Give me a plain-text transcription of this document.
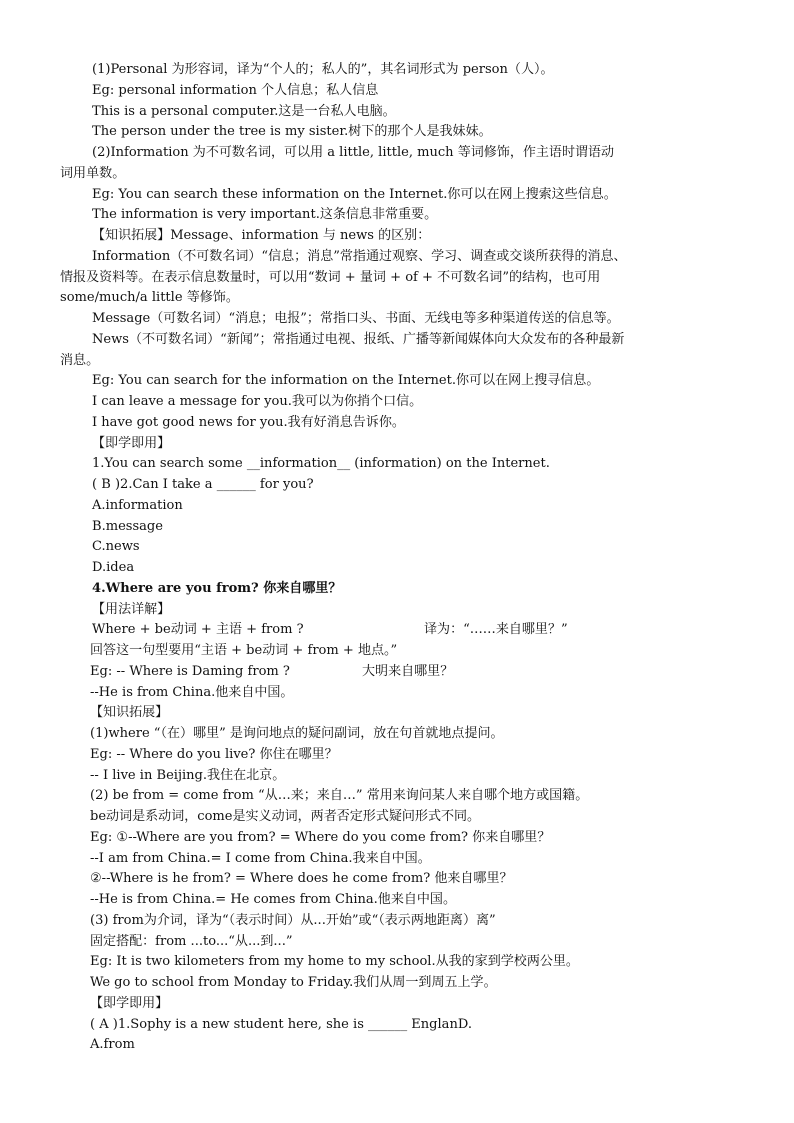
(1)Personal 为形容词，译为“个人的；私人的”，其名词形式为 person（人）。
Eg: personal information 个人信息；私人信息
This is a personal computer.这是一台私人电脑。
The person under the tree is my sister.树下的那个人是我妹妹。
(2)Information 为不可数名词，可以用 a little, little, much 等词修饰，作主语时谓语动
词用单数。
Eg: You can search these information on the Internet.你可以在网上搜索这些信息。
The information is very important.这条信息非常重要。
【知识拓展】Message、information 与 news 的区别：
Information（不可数名词）“信息；消息”常指通过观察、学习、调查或交谈所获得的消息、
情报及资料等。在表示信息数量时，可以用“数词 + 量词 + of + 不可数名词”的结构，也可用
some/much/a little 等修饰。
Message（可数名词）“消息；电报”；常指口头、书面、无线电等多种渠道传送的信息等。
News（不可数名词）“新闻”；常指通过电视、报纸、广播等新闻媒体向大众发布的各种最新
消息。
Eg: You can search for the information on the Internet.你可以在网上搜寻信息。
I can leave a message for you.我可以为你捎个口信。
I have got good news for you.我有好消息告诉你。
【即学即用】
1.You can search some __information__ (information) on the Internet.
( B )2.Can I take a ______ for you?
A.information
B.message
C.news
D.idea
4.Where are you from? 你来自哪里？
【用法详解】
Where + be动词 + 主语 + from ?	译为：“……来自哪里？”
回答这一句型要用“主语 + be动词 + from + 地点。”
Eg: -- Where is Daming from ?	大明来自哪里？
--He is from China.他来自中国。
【知识拓展】
(1)where “（在）哪里” 是询问地点的疑问副词，放在句首就地点提问。
Eg: -- Where do you live? 你住在哪里？
-- I live in Beijing.我住在北京。
(2) be from = come from “从…来；来自…” 常用来询问某人来自哪个地方或国籍。
be动词是系动词，come是实义动词，两者否定形式疑问形式不同。
Eg: ①--Where are you from? = Where do you come from? 你来自哪里？
--I am from China.= I come from China.我来自中国。
②--Where is he from? = Where does he come from? 他来自哪里？
--He is from China.= He comes from China.他来自中国。
(3) from为介词，译为“（表示时间）从...开始”或“（表示两地距离）离”
固定搭配：from ...to...“从...到...”
Eg: It is two kilometers from my home to my school.从我的家到学校两公里。
We go to school from Monday to Friday.我们从周一到周五上学。
【即学即用】
( A )1.Sophy is a new student here, she is ______ EnglanD.
A.from
